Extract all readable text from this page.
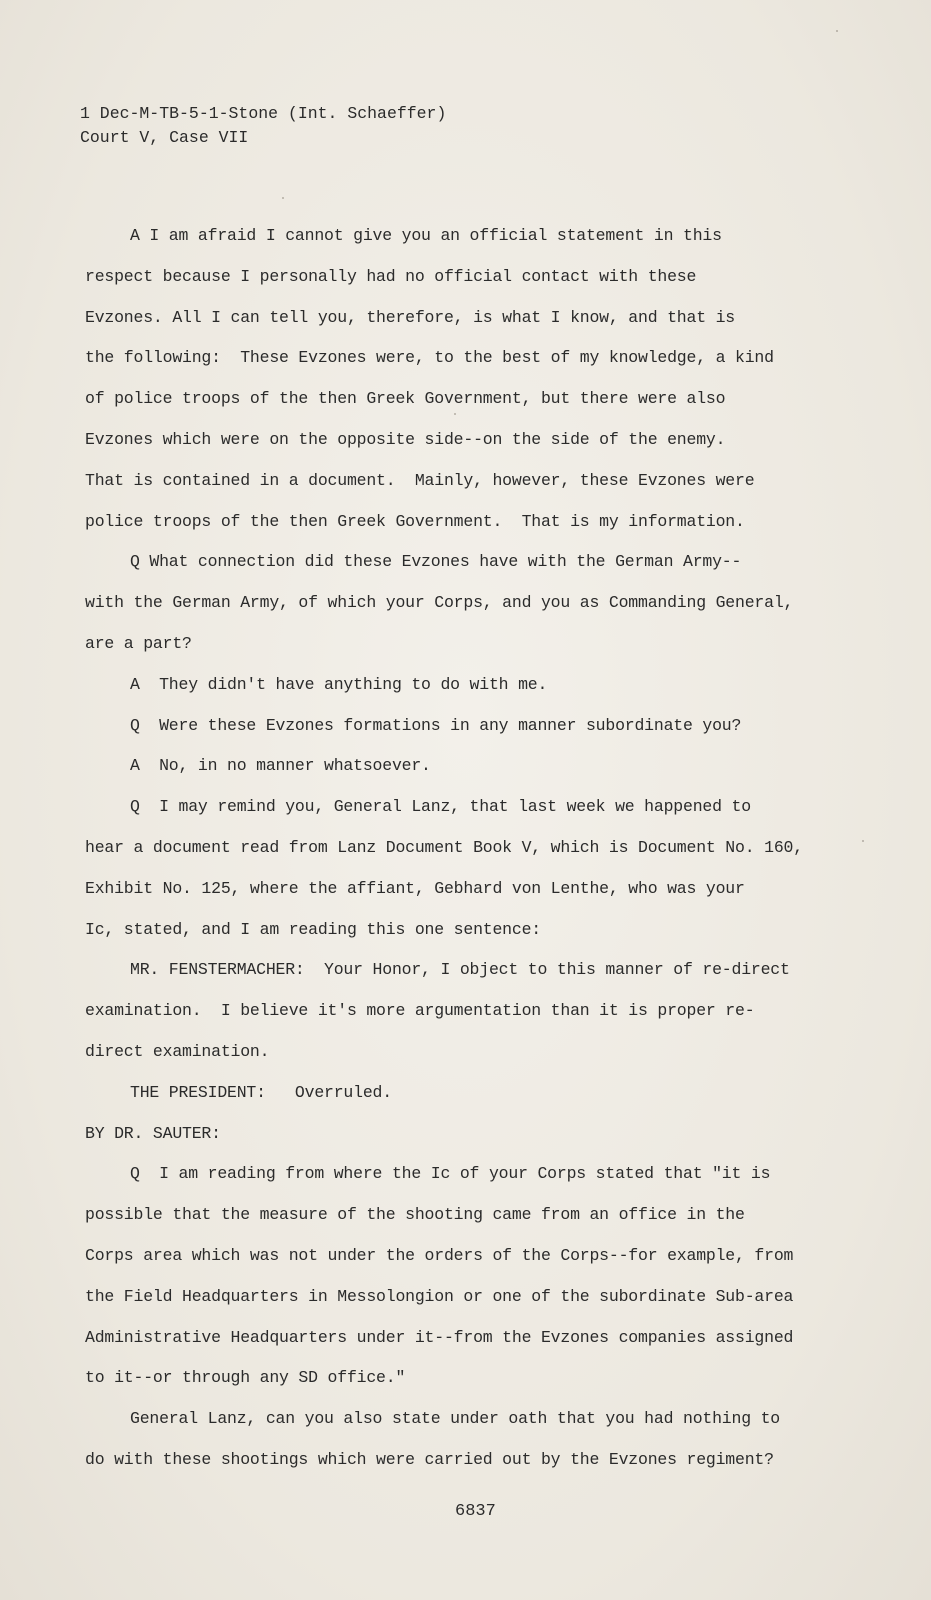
1 Dec-M-TB-5-1-Stone (Int. Schaeffer)
Court V, Case VII
A I am afraid I cannot give you an official statement in this
respect because I personally had no official contact with these
Evzones. All I can tell you, therefore, is what I know, and that is
the following:  These Evzones were, to the best of my knowledge, a kind
of police troops of the then Greek Government, but there were also
Evzones which were on the opposite side--on the side of the enemy.
That is contained in a document.  Mainly, however, these Evzones were
police troops of the then Greek Government.  That is my information.
Q What connection did these Evzones have with the German Army--
with the German Army, of which your Corps, and you as Commanding General,
are a part?
A  They didn't have anything to do with me.
Q  Were these Evzones formations in any manner subordinate you?
A  No, in no manner whatsoever.
Q  I may remind you, General Lanz, that last week we happened to
hear a document read from Lanz Document Book V, which is Document No. 160,
Exhibit No. 125, where the affiant, Gebhard von Lenthe, who was your
Ic, stated, and I am reading this one sentence:
MR. FENSTERMACHER:  Your Honor, I object to this manner of re-direct
examination.  I believe it's more argumentation than it is proper re-
direct examination.
THE PRESIDENT:   Overruled.
BY DR. SAUTER:
Q  I am reading from where the Ic of your Corps stated that "it is
possible that the measure of the shooting came from an office in the
Corps area which was not under the orders of the Corps--for example, from
the Field Headquarters in Messolongion or one of the subordinate Sub-area
Administrative Headquarters under it--from the Evzones companies assigned
to it--or through any SD office."
General Lanz, can you also state under oath that you had nothing to
do with these shootings which were carried out by the Evzones regiment?
6837
